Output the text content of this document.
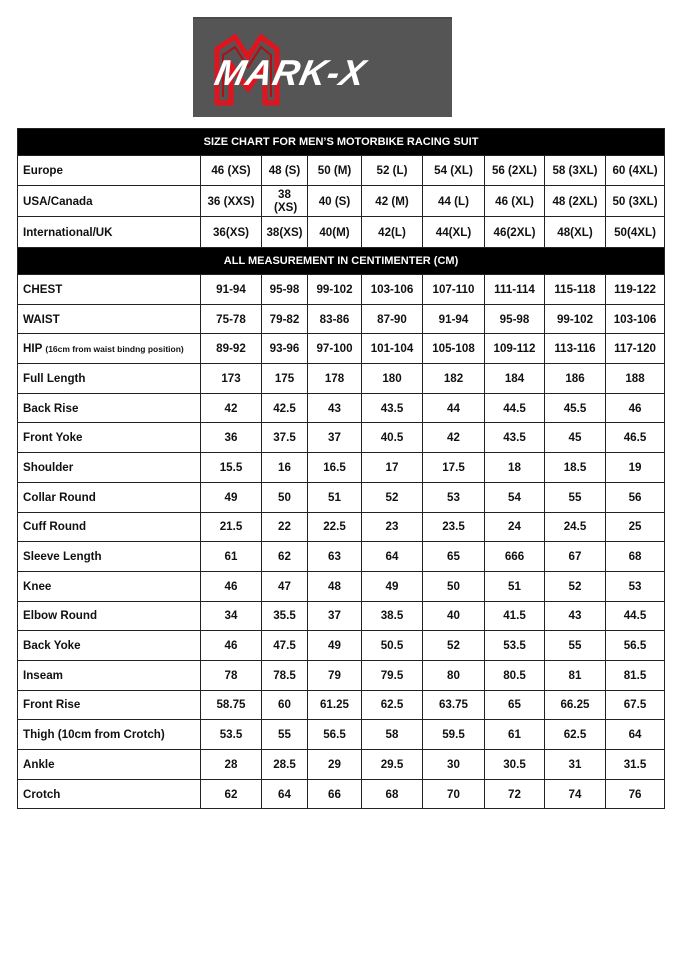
MARK-X
SIZE CHART FOR MEN’S MOTORBIKE RACING SUIT								
Europe	46 (XS)	48 (S)	50 (M)	52 (L)	54 (XL)	56 (2XL)	58 (3XL)	60 (4XL)
USA/Canada	36 (XXS)	38 (XS)	40 (S)	42 (M)	44 (L)	46 (XL)	48 (2XL)	50 (3XL)
International/UK	36(XS)	38(XS)	40(M)	42(L)	44(XL)	46(2XL)	48(XL)	50(4XL)
ALL MEASUREMENT IN CENTIMENTER (CM)								
CHEST	91-94	95-98	99-102	103-106	107-110	111-114	115-118	119-122
WAIST	75-78	79-82	83-86	87-90	91-94	95-98	99-102	103-106
HIP (16cm from waist bindng position)	89-92	93-96	97-100	101-104	105-108	109-112	113-116	117-120
Full Length	173	175	178	180	182	184	186	188
Back Rise	42	42.5	43	43.5	44	44.5	45.5	46
Front Yoke	36	37.5	37	40.5	42	43.5	45	46.5
Shoulder	15.5	16	16.5	17	17.5	18	18.5	19
Collar Round	49	50	51	52	53	54	55	56
Cuff Round	21.5	22	22.5	23	23.5	24	24.5	25
Sleeve Length	61	62	63	64	65	666	67	68
Knee	46	47	48	49	50	51	52	53
Elbow Round	34	35.5	37	38.5	40	41.5	43	44.5
Back Yoke	46	47.5	49	50.5	52	53.5	55	56.5
Inseam	78	78.5	79	79.5	80	80.5	81	81.5
Front Rise	58.75	60	61.25	62.5	63.75	65	66.25	67.5
Thigh (10cm from Crotch)	53.5	55	56.5	58	59.5	61	62.5	64
Ankle	28	28.5	29	29.5	30	30.5	31	31.5
Crotch	62	64	66	68	70	72	74	76
